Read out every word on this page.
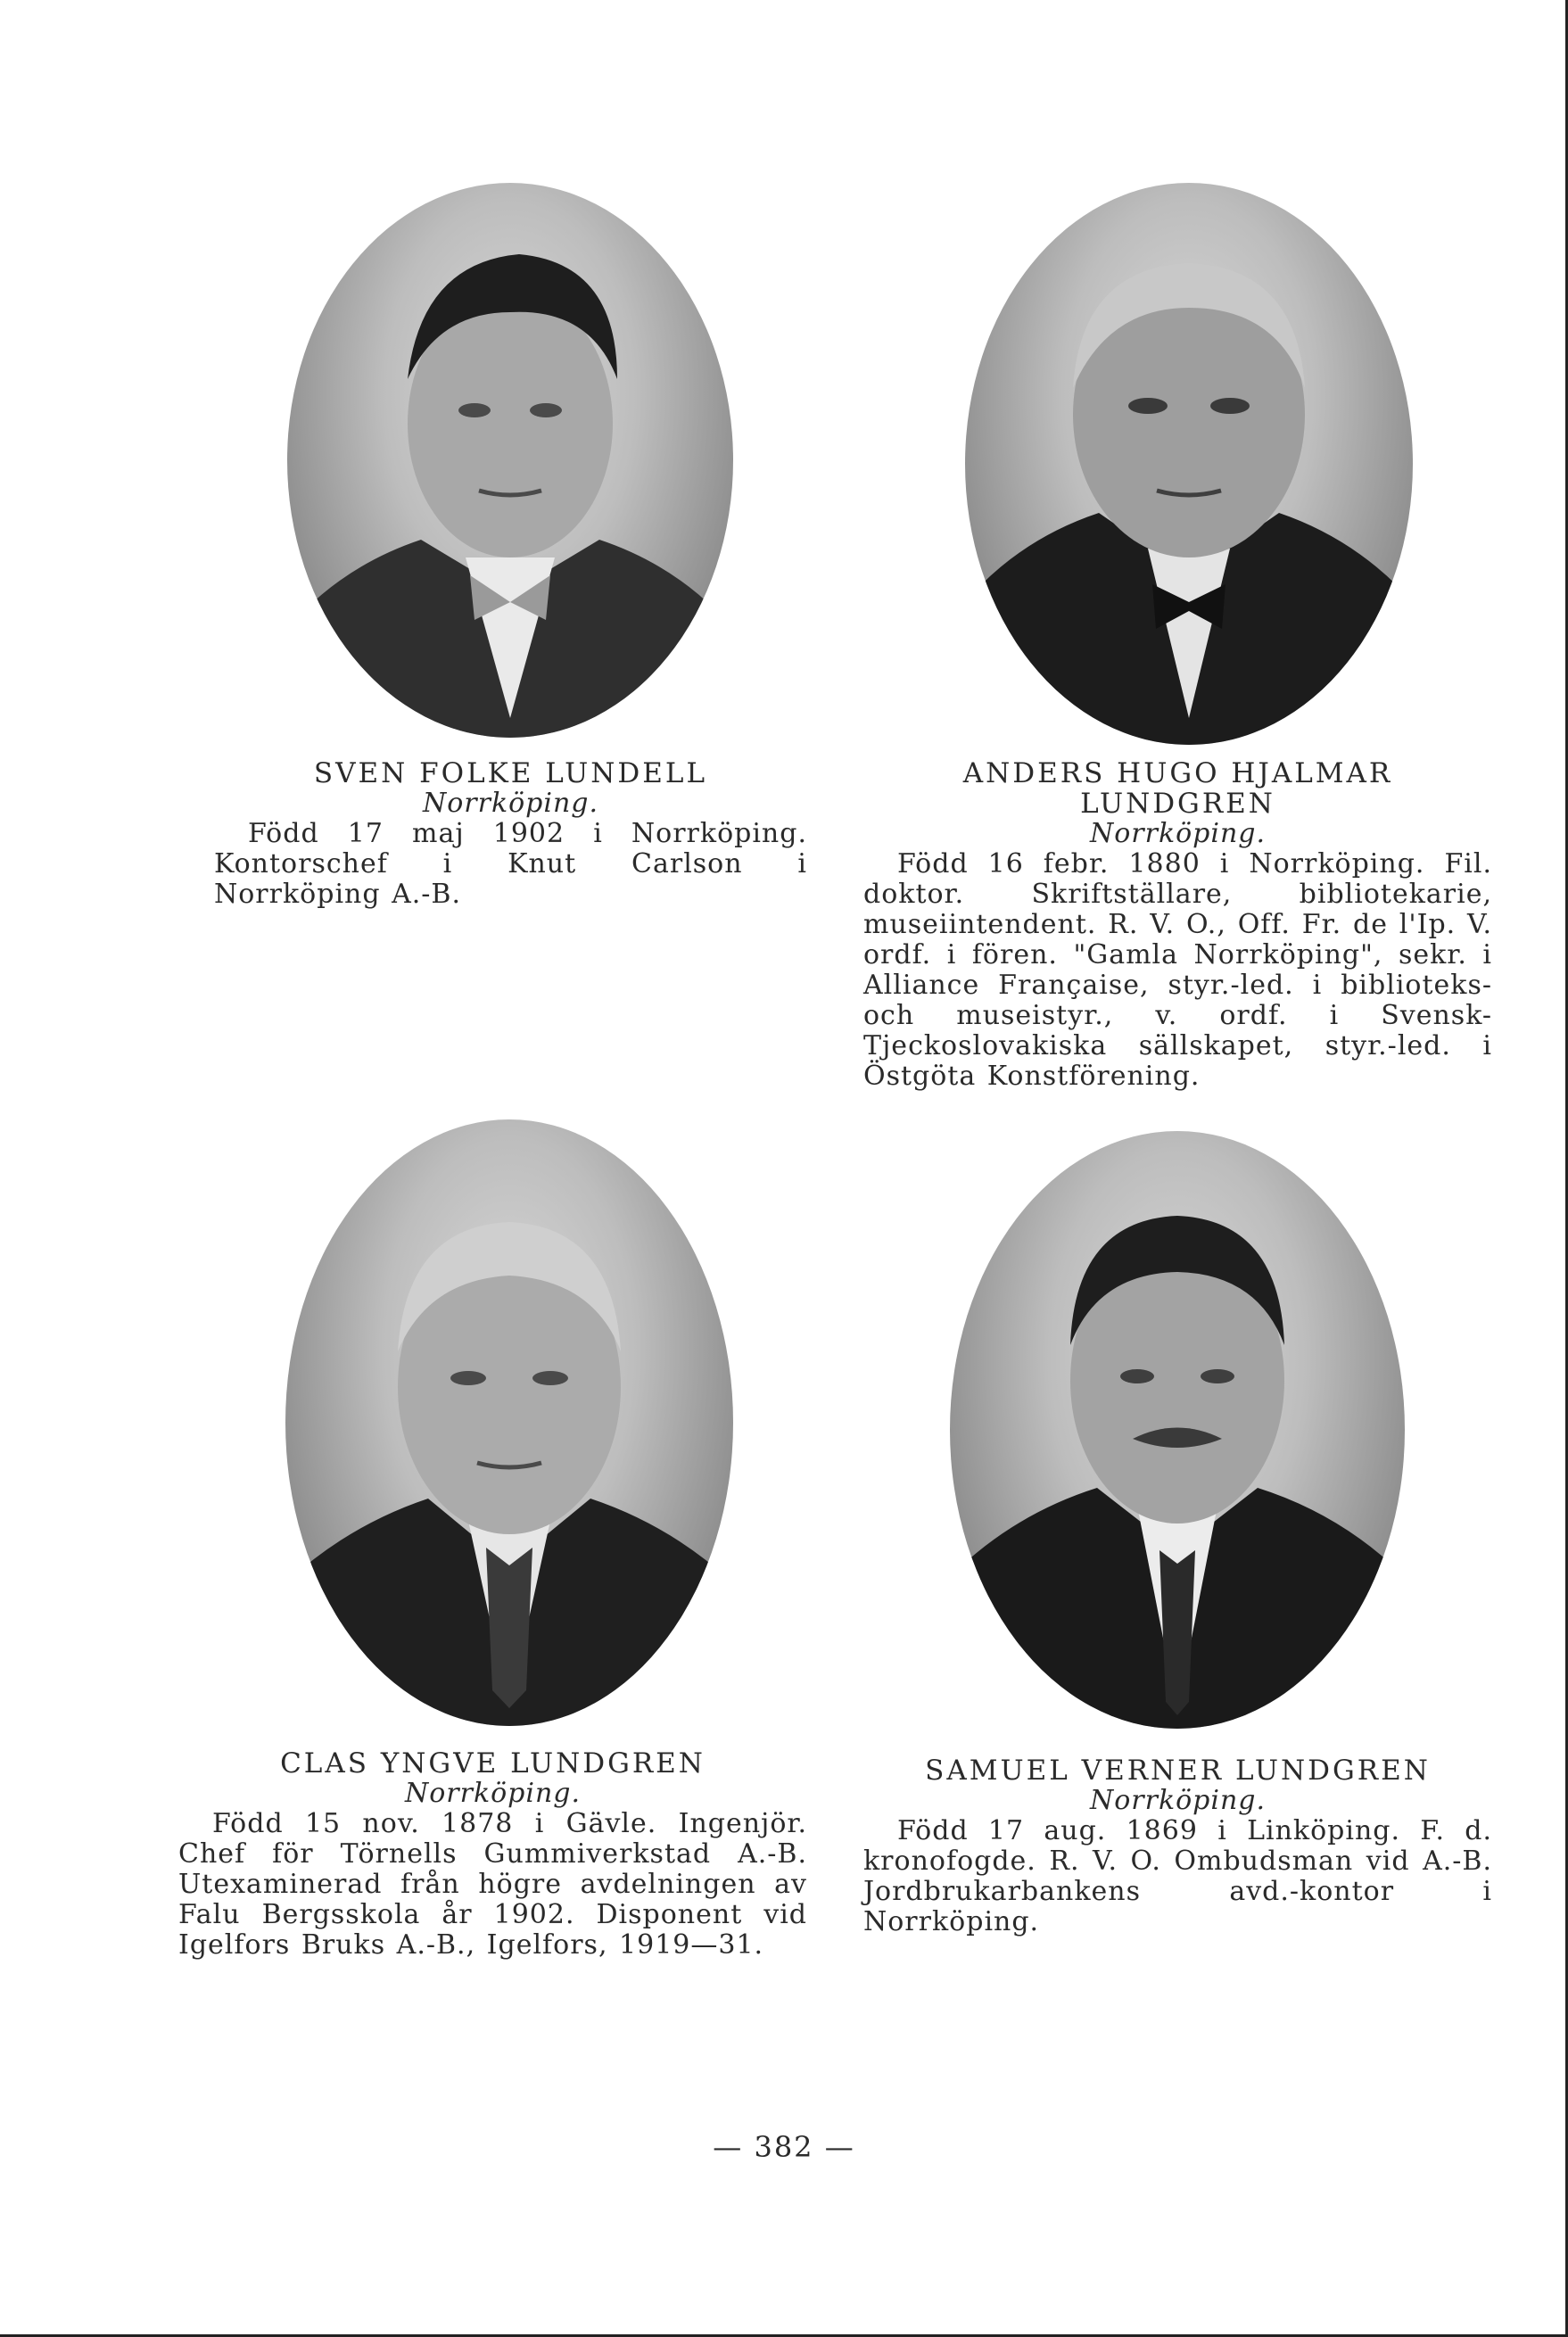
SVEN FOLKE LUNDELL
Norrköping.
Född 17 maj 1902 i Norrköping. Kontorschef i Knut Carlson i Norrköping A.-B.
ANDERS HUGO HJALMAR LUNDGREN
Norrköping.
Född 16 febr. 1880 i Norrköping. Fil. doktor. Skriftställare, bibliotekarie, museiintendent. R. V. O., Off. Fr. de l'Ip. V. ordf. i fören. "Gamla Norrköping", sekr. i Alliance Française, styr.-led. i biblioteks- och museistyr., v. ordf. i Svensk-Tjeckoslovakiska sällskapet, styr.-led. i Östgöta Konstförening.
CLAS YNGVE LUNDGREN
Norrköping.
Född 15 nov. 1878 i Gävle. Ingenjör. Chef för Törnells Gummiverkstad A.-B. Utexaminerad från högre avdelningen av Falu Bergsskola år 1902. Disponent vid Igelfors Bruks A.-B., Igelfors, 1919—31.
SAMUEL VERNER LUNDGREN
Norrköping.
Född 17 aug. 1869 i Linköping. F. d. kronofogde. R. V. O. Ombudsman vid A.-B. Jordbrukarbankens avd.-kontor i Norrköping.
— 382 —
